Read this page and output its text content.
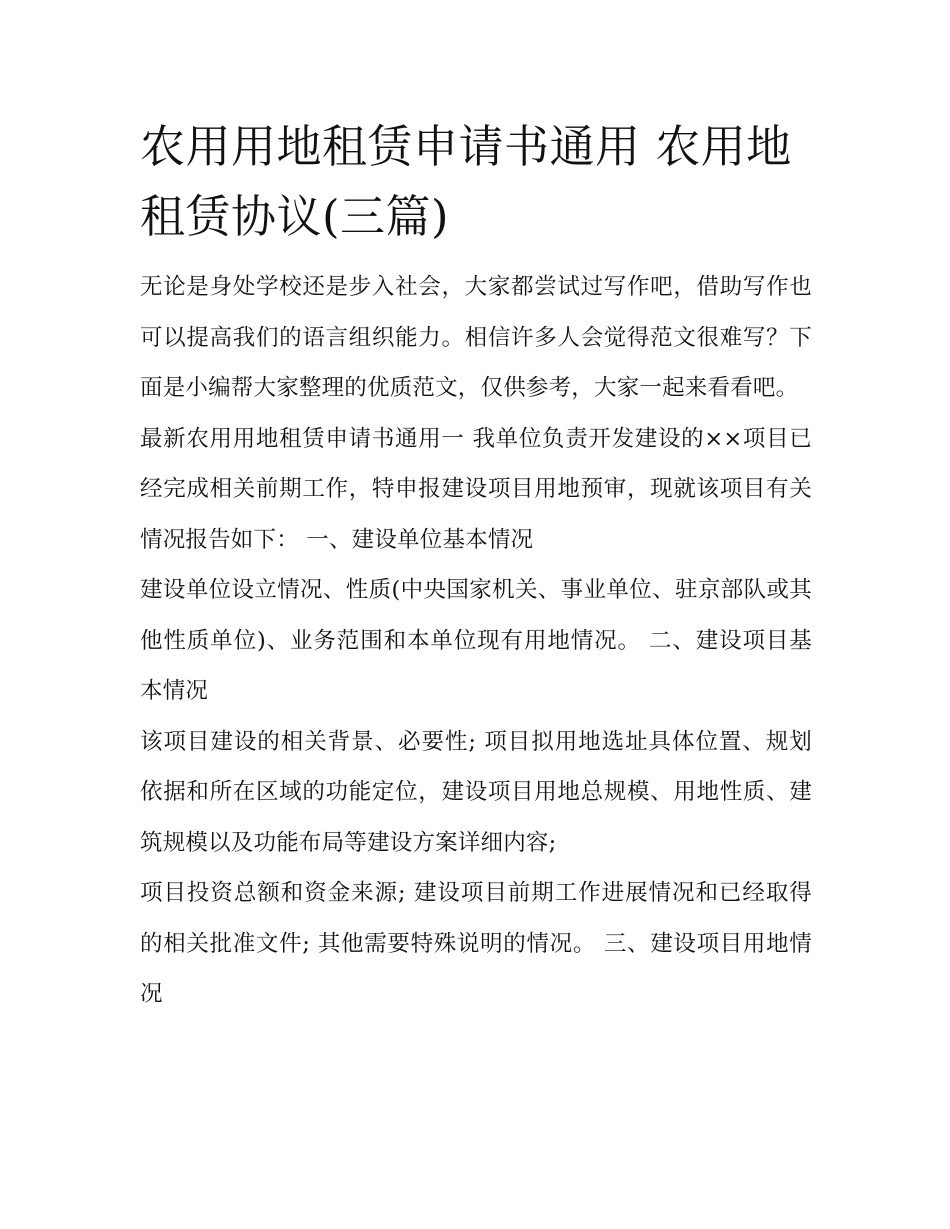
农用用地租赁申请书通用 农用地租赁协议(三篇)

无论是身处学校还是步入社会，大家都尝试过写作吧，借助写作也可以提高我们的语言组织能力。相信许多人会觉得范文很难写？下面是小编帮大家整理的优质范文，仅供参考，大家一起来看看吧。

最新农用用地租赁申请书通用一 我单位负责开发建设的××项目已经完成相关前期工作，特申报建设项目用地预审，现就该项目有关情况报告如下： 一、建设单位基本情况

建设单位设立情况、性质(中央国家机关、事业单位、驻京部队或其他性质单位)、业务范围和本单位现有用地情况。 二、建设项目基本情况

该项目建设的相关背景、必要性; 项目拟用地选址具体位置、规划依据和所在区域的功能定位，建设项目用地总规模、用地性质、建筑规模以及功能布局等建设方案详细内容;

项目投资总额和资金来源; 建设项目前期工作进展情况和已经取得的相关批准文件; 其他需要特殊说明的情况。 三、建设项目用地情况
